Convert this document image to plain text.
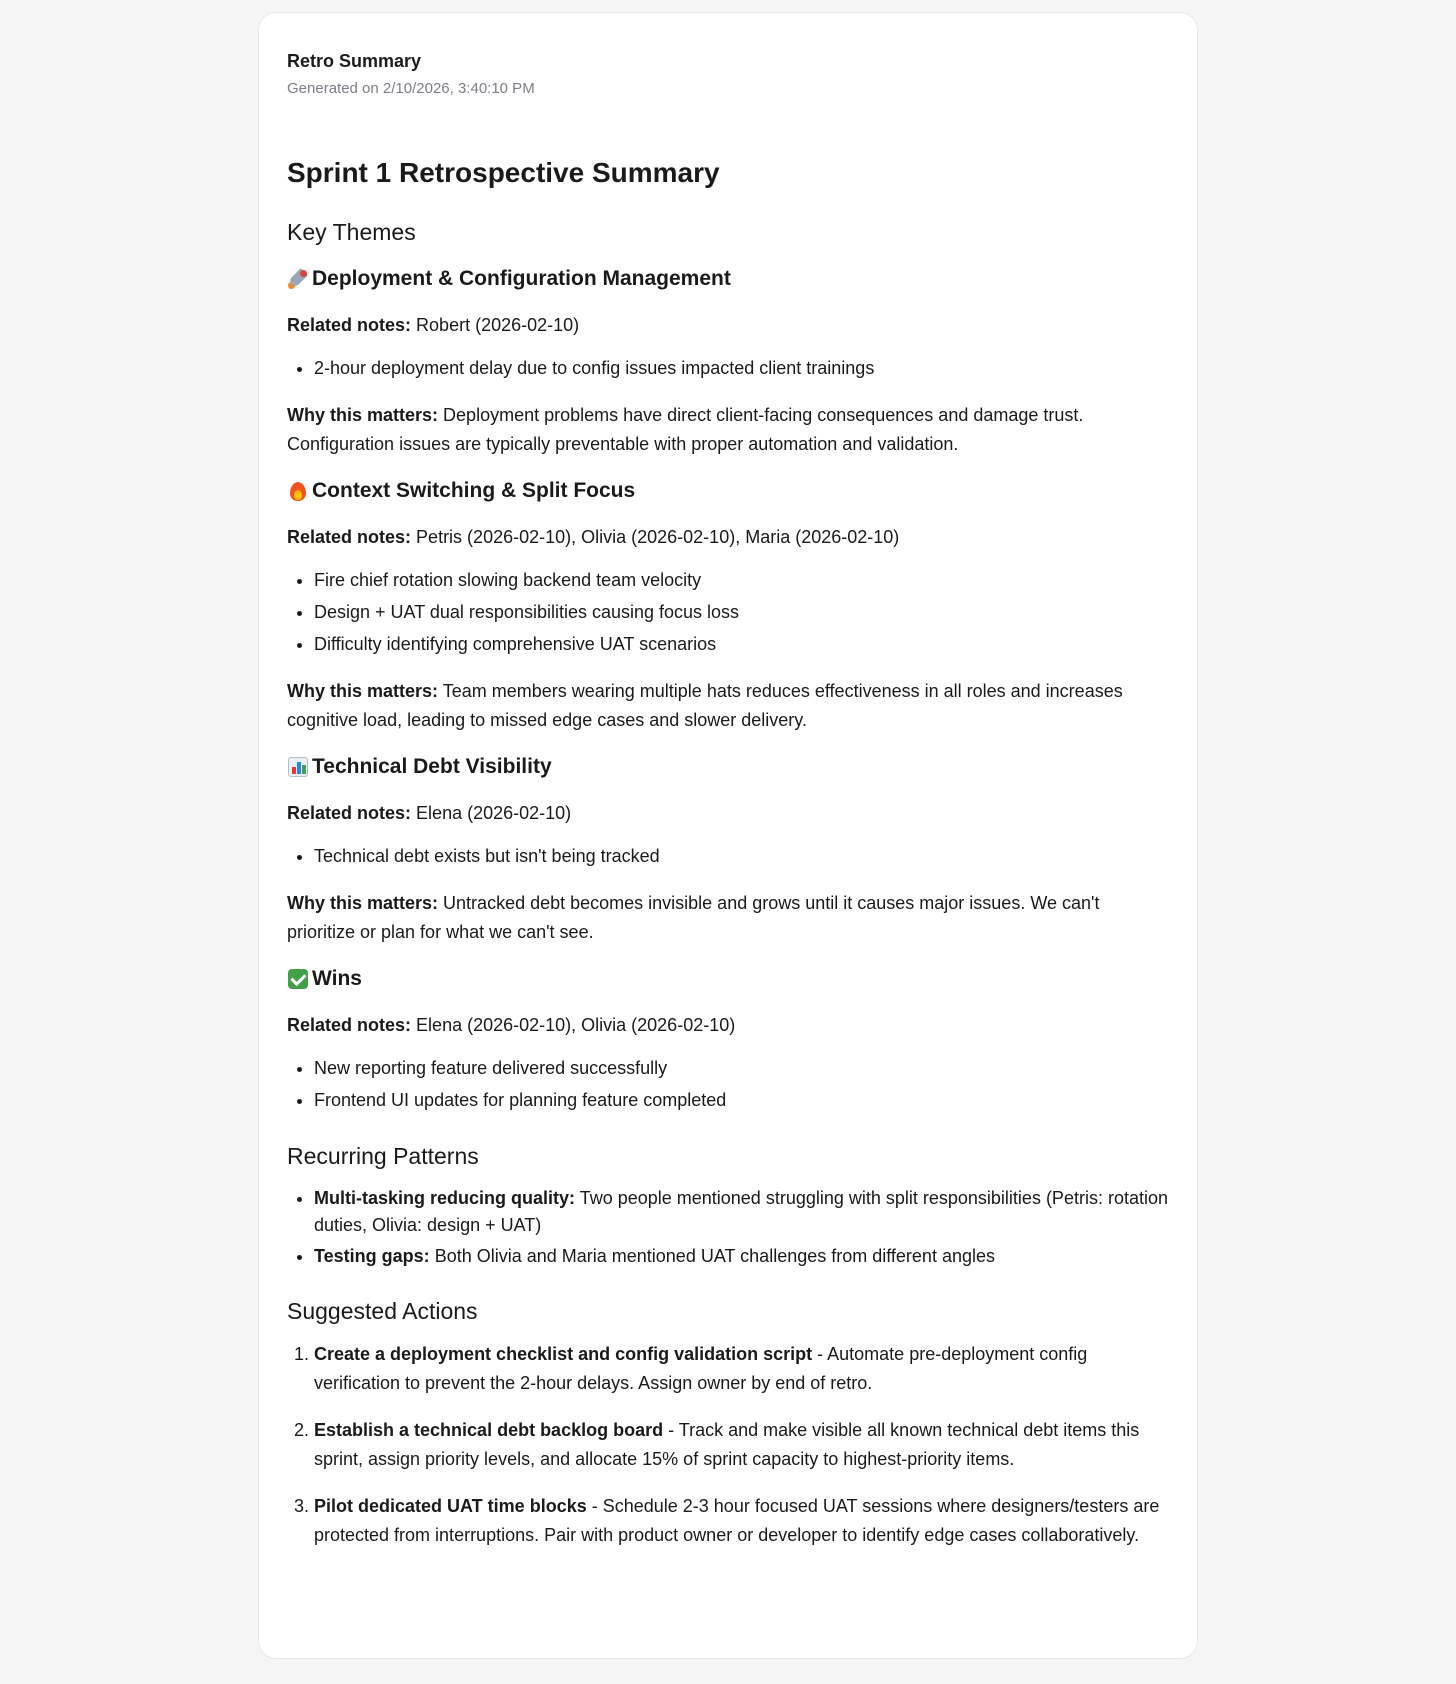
Retro Summary
Generated on 2/10/2026, 3:40:10 PM
Sprint 1 Retrospective Summary
Key Themes
Deployment & Configuration Management

Related notes: Robert (2026-02-10)

• 2-hour deployment delay due to config issues impacted client trainings

Why this matters: Deployment problems have direct client-facing consequences and damage trust. Configuration issues are typically preventable with proper automation and validation.

Context Switching & Split Focus

Related notes: Petris (2026-02-10), Olivia (2026-02-10), Maria (2026-02-10)

• Fire chief rotation slowing backend team velocity
• Design + UAT dual responsibilities causing focus loss
• Difficulty identifying comprehensive UAT scenarios

Why this matters: Team members wearing multiple hats reduces effectiveness in all roles and increases cognitive load, leading to missed edge cases and slower delivery.

Technical Debt Visibility

Related notes: Elena (2026-02-10)

• Technical debt exists but isn't being tracked

Why this matters: Untracked debt becomes invisible and grows until it causes major issues. We can't prioritize or plan for what we can't see.

Wins

Related notes: Elena (2026-02-10), Olivia (2026-02-10)

• New reporting feature delivered successfully
• Frontend UI updates for planning feature completed
Recurring Patterns
• Multi-tasking reducing quality: Two people mentioned struggling with split responsibilities (Petris: rotation duties, Olivia: design + UAT)
• Testing gaps: Both Olivia and Maria mentioned UAT challenges from different angles
Suggested Actions
1. Create a deployment checklist and config validation script - Automate pre-deployment config verification to prevent the 2-hour delays. Assign owner by end of retro.
2. Establish a technical debt backlog board - Track and make visible all known technical debt items this sprint, assign priority levels, and allocate 15% of sprint capacity to highest-priority items.
3. Pilot dedicated UAT time blocks - Schedule 2-3 hour focused UAT sessions where designers/testers are protected from interruptions. Pair with product owner or developer to identify edge cases collaboratively.
